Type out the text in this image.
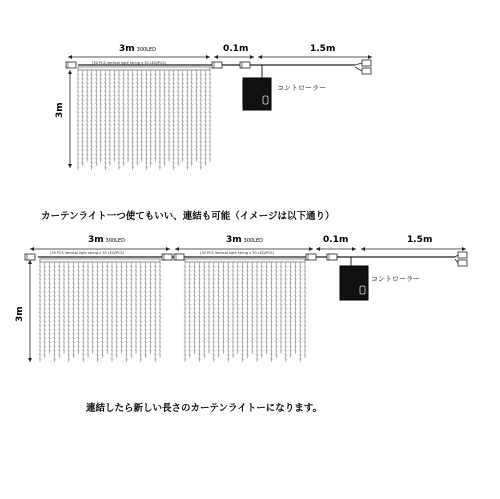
3m 300LED	0.1m	1.5m
3m
(30 PCS Vertical light string x 30 LED/PCS)
コントローラー
カーテンライト一つ使てもいい、連結も可能（イメージは以下通り）
3m 300LED	3m 300LED	0.1m	1.5m
3m
(30 PCS Vertical light string x 30 LED/PCS)	(30 PCS Vertical light string x 30 LED/PCS)
コントローラー
連結したら新しい長さのカーテンライトーになります。
